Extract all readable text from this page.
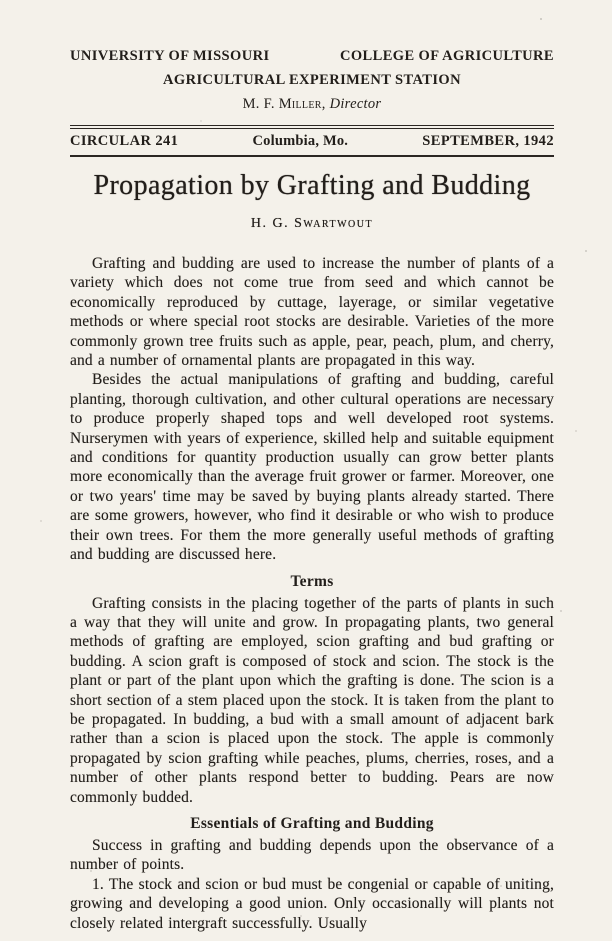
UNIVERSITY OF MISSOURI	COLLEGE OF AGRICULTURE
AGRICULTURAL EXPERIMENT STATION
M. F. Miller, Director
CIRCULAR 241	Columbia, Mo.	SEPTEMBER, 1942
Propagation by Grafting and Budding
H. G. Swartwout

Grafting and budding are used to increase the number of plants of a variety which does not come true from seed and which cannot be economically reproduced by cuttage, layerage, or similar vegetative methods or where special root stocks are desirable. Varieties of the more commonly grown tree fruits such as apple, pear, peach, plum, and cherry, and a number of ornamental plants are propagated in this way.

Besides the actual manipulations of grafting and budding, careful planting, thorough cultivation, and other cultural operations are necessary to produce properly shaped tops and well developed root systems. Nurserymen with years of experience, skilled help and suitable equipment and conditions for quantity production usually can grow better plants more economically than the average fruit grower or farmer. Moreover, one or two years' time may be saved by buying plants already started. There are some growers, however, who find it desirable or who wish to produce their own trees. For them the more generally useful methods of grafting and budding are discussed here.

Terms

Grafting consists in the placing together of the parts of plants in such a way that they will unite and grow. In propagating plants, two general methods of grafting are employed, scion grafting and bud grafting or budding. A scion graft is composed of stock and scion. The stock is the plant or part of the plant upon which the grafting is done. The scion is a short section of a stem placed upon the stock. It is taken from the plant to be propagated. In budding, a bud with a small amount of adjacent bark rather than a scion is placed upon the stock. The apple is commonly propagated by scion grafting while peaches, plums, cherries, roses, and a number of other plants respond better to budding. Pears are now commonly budded.

Essentials of Grafting and Budding

Success in grafting and budding depends upon the observance of a number of points.

1. The stock and scion or bud must be congenial or capable of uniting, growing and developing a good union. Only occasionally will plants not closely related intergraft successfully. Usually
